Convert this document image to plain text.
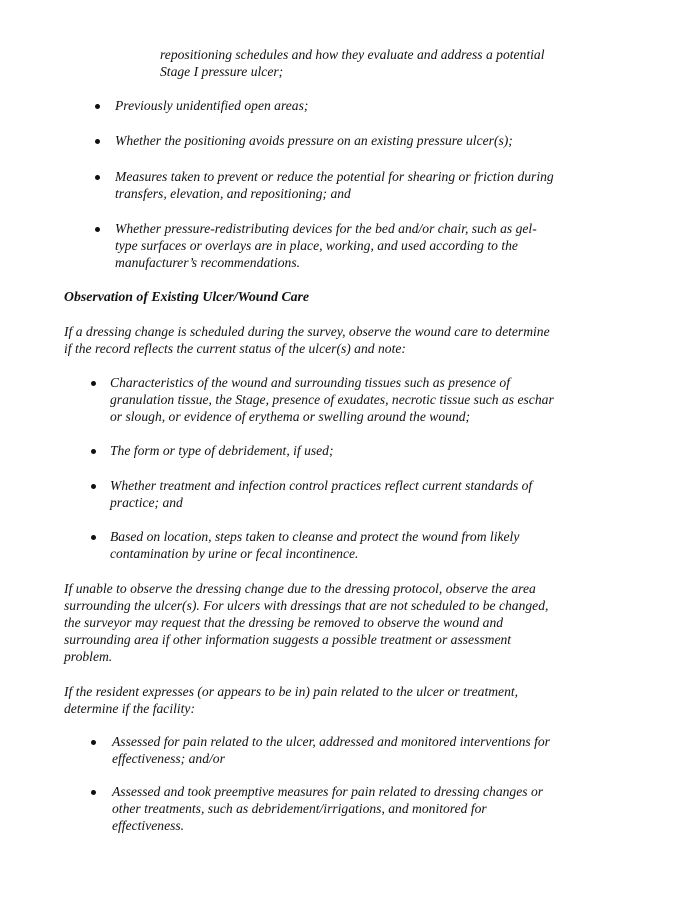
repositioning schedules and how they evaluate and address a potential
Stage I pressure ulcer;
Previously unidentified open areas;
Whether the positioning avoids pressure on an existing pressure ulcer(s);
Measures taken to prevent or reduce the potential for shearing or friction during
transfers, elevation, and repositioning; and
Whether pressure-redistributing devices for the bed and/or chair, such as gel-
type surfaces or overlays are in place, working, and used according to the
manufacturer’s recommendations.
Observation of Existing Ulcer/Wound Care
If a dressing change is scheduled during the survey, observe the wound care to determine
if the record reflects the current status of the ulcer(s) and note:
Characteristics of the wound and surrounding tissues such as presence of
granulation tissue, the Stage, presence of exudates, necrotic tissue such as eschar
or slough, or evidence of erythema or swelling around the wound;
The form or type of debridement, if used;
Whether treatment and infection control practices reflect current standards of
practice; and
Based on location, steps taken to cleanse and protect the wound from likely
contamination by urine or fecal incontinence.
If unable to observe the dressing change due to the dressing protocol, observe the area
surrounding the ulcer(s). For ulcers with dressings that are not scheduled to be changed,
the surveyor may request that the dressing be removed to observe the wound and
surrounding area if other information suggests a possible treatment or assessment
problem.
If the resident expresses (or appears to be in) pain related to the ulcer or treatment,
determine if the facility:
Assessed for pain related to the ulcer, addressed and monitored interventions for
effectiveness; and/or
Assessed and took preemptive measures for pain related to dressing changes or
other treatments, such as debridement/irrigations, and monitored for
effectiveness.
